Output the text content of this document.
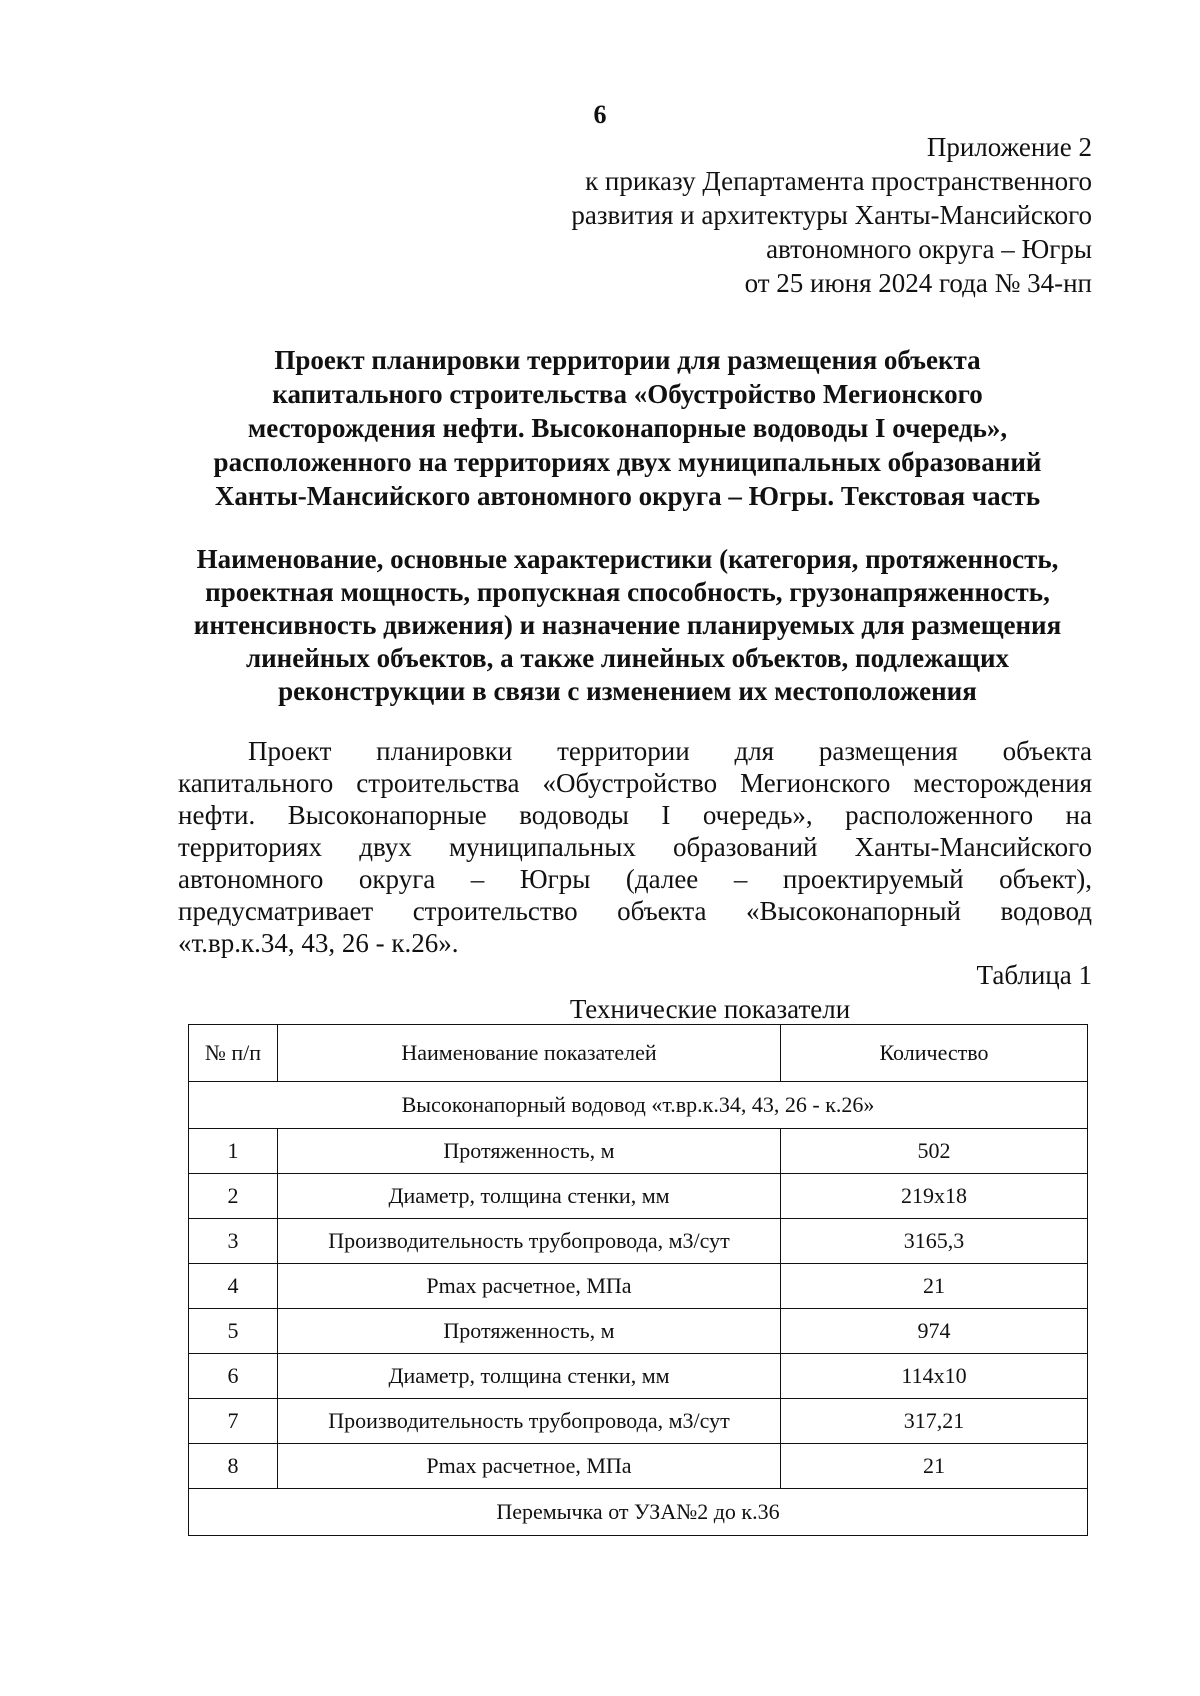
6
Приложение 2
к приказу Департамента пространственного
развития и архитектуры Ханты-Мансийского
автономного округа – Югры
от 25 июня 2024 года № 34-нп
Проект планировки территории для размещения объекта
капитального строительства «Обустройство Мегионского
месторождения нефти. Высоконапорные водоводы I очередь»,
расположенного на территориях двух муниципальных образований
Ханты-Мансийского автономного округа – Югры. Текстовая часть
Наименование, основные характеристики (категория, протяженность,
проектная мощность, пропускная способность, грузонапряженность,
интенсивность движения) и назначение планируемых для размещения
линейных объектов, а также линейных объектов, подлежащих
реконструкции в связи с изменением их местоположения
Проект планировки территории для размещения объекта
капитального строительства «Обустройство Мегионского месторождения
нефти. Высоконапорные водоводы I очередь», расположенного на
территориях двух муниципальных образований Ханты-Мансийского
автономного округа – Югры (далее – проектируемый объект),
предусматривает строительство объекта «Высоконапорный водовод
«т.вр.к.34, 43, 26 - к.26».
Таблица 1
Технические показатели
№ п/п	Наименование показателей	Количество
Высоконапорный водовод «т.вр.к.34, 43, 26 - к.26»		
1	Протяженность, м	502
2	Диаметр, толщина стенки, мм	219x18
3	Производительность трубопровода, м3/сут	3165,3
4	Pmax расчетное, МПа	21
5	Протяженность, м	974
6	Диаметр, толщина стенки, мм	114x10
7	Производительность трубопровода, м3/сут	317,21
8	Pmax расчетное, МПа	21
Перемычка от УЗА№2 до к.36		
